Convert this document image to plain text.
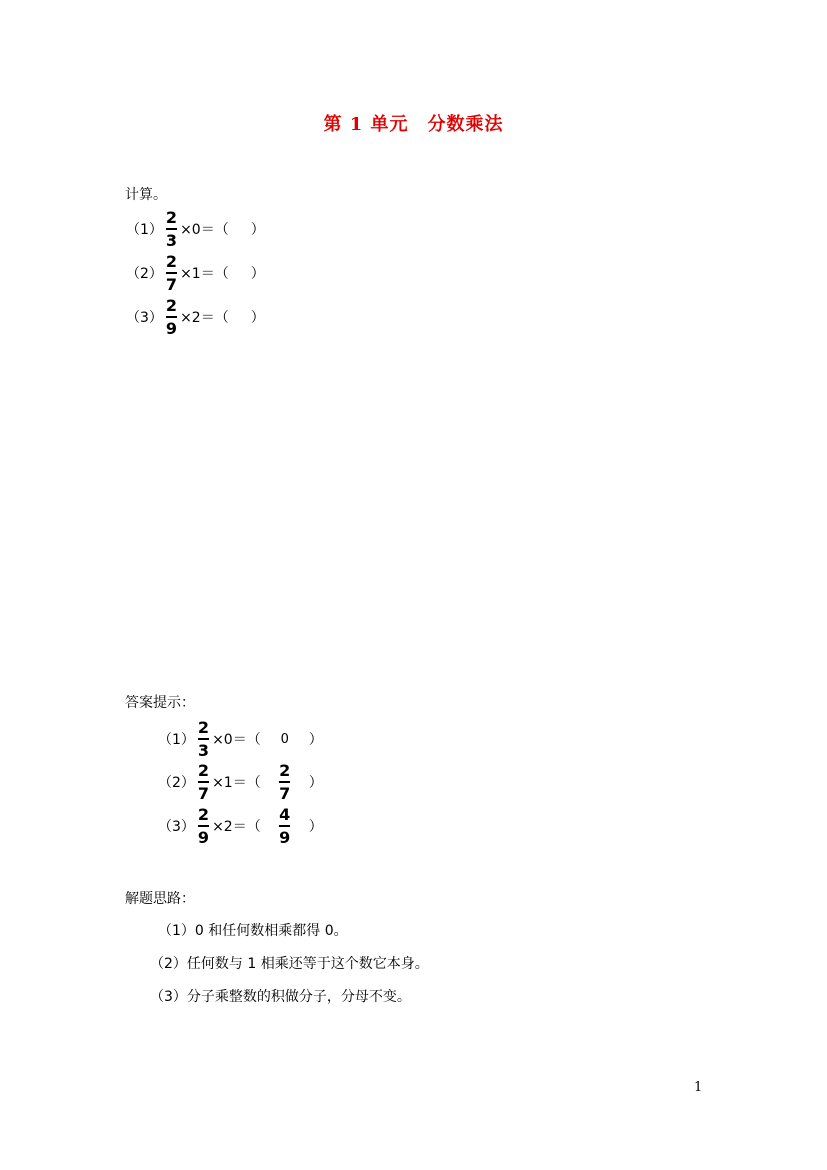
第 1 单元　分数乘法
计算。
$(1) \frac{2}{3} \times 0=$ （ ）
$(2) \frac{2}{7} \times 1=$ （ ）
$(3) \frac{2}{9} \times 2=$ （ ）
答案提示：
$(1) \frac{2}{3} \times 0=$ （ 0 ）
$(2) \frac{2}{7} \times 1=$ （ $\frac{2}{7}$ ）
$(3) \frac{2}{9} \times 2=$ （ $\frac{4}{9}$ ）
解题思路：
（1）0 和任何数相乘都得 0。
（2）任何数与 1 相乘还等于这个数它本身。
（3）分子乘整数的积做分子，分母不变。
1
